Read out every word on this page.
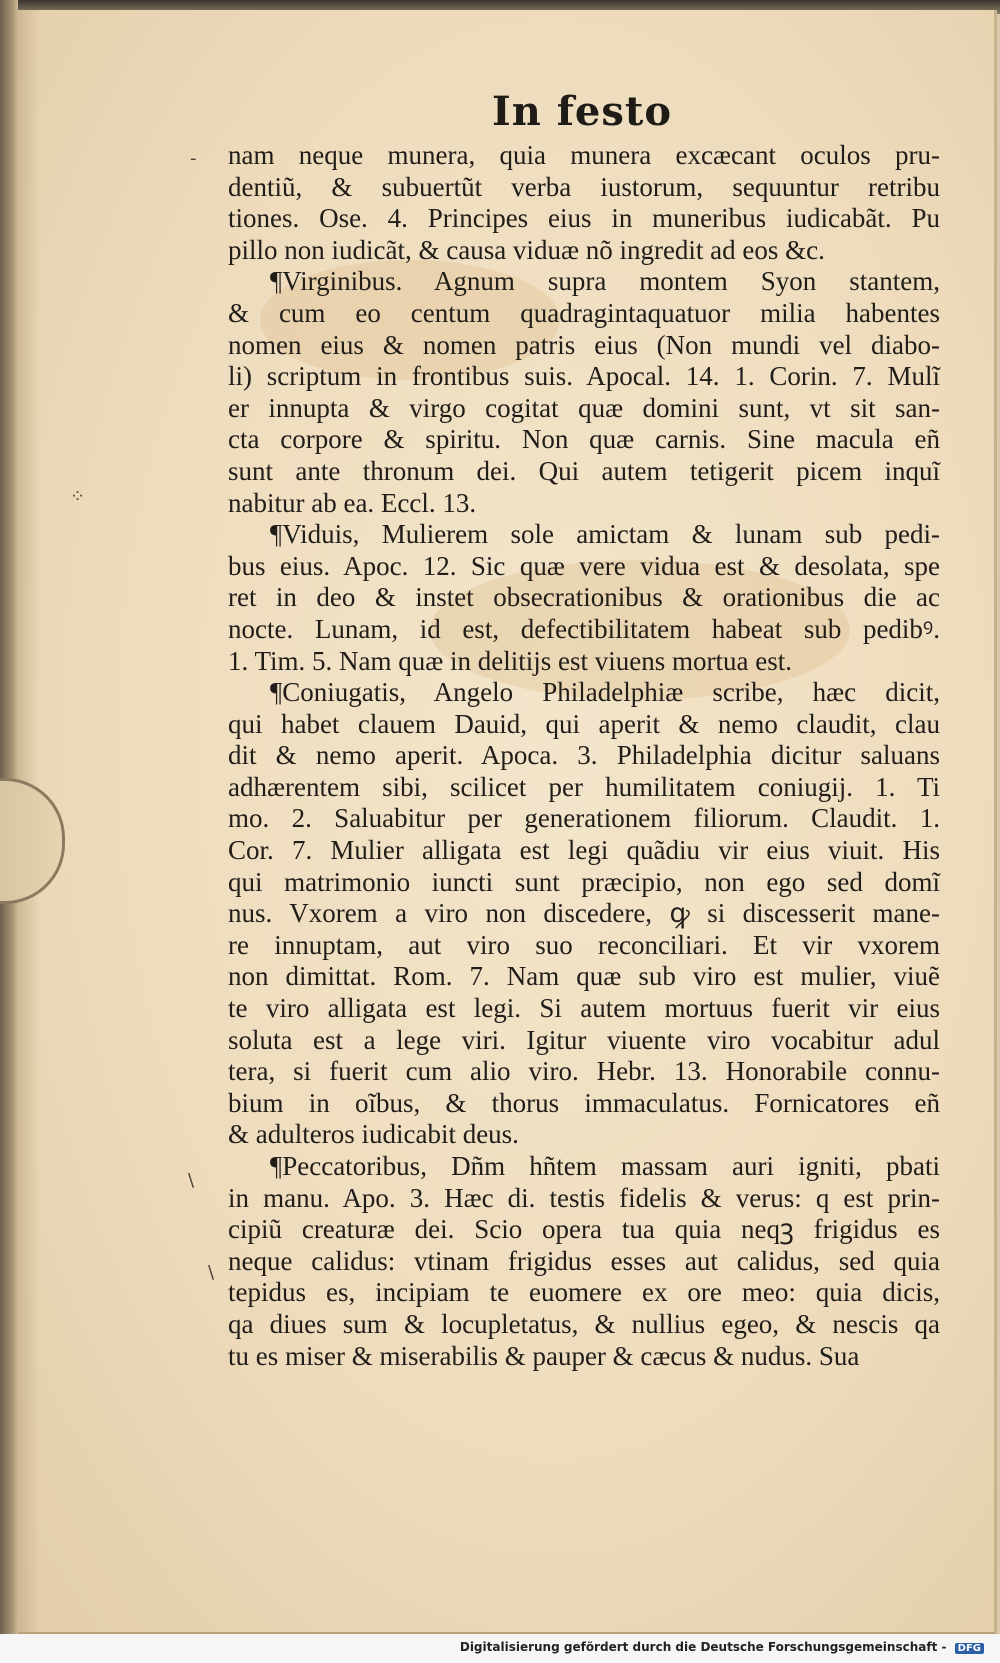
In festo
-
⁘
\
\
nam neque munera, quia munera excæcant oculos pru-
dentiũ, & subuertũt verba iustorum, sequuntur retribu
tiones. Ose. 4. Principes eius in muneribus iudicabãt. Pu
pillo non iudicãt, & causa viduæ nõ ingredit ad eos &c.
¶Virginibus. Agnum supra montem Syon stantem,
& cum eo centum quadragintaquatuor milia habentes
nomen eius & nomen patris eius (Non mundi vel diabo-
li) scriptum in frontibus suis. Apocal. 14. 1. Corin. 7. Mulĩ
er innupta & virgo cogitat quæ domini sunt, vt sit san-
cta corpore & spiritu. Non quæ carnis. Sine macula eñ
sunt ante thronum dei. Qui autem tetigerit picem inquĩ
nabitur ab ea. Eccl. 13.
¶Viduis, Mulierem sole amictam & lunam sub pedi-
bus eius. Apoc. 12. Sic quæ vere vidua est & desolata, spe
ret in deo & instet obsecrationibus & orationibus die ac
nocte. Lunam, id est, defectibilitatem habeat sub pedibꝰ.
1. Tim. 5. Nam quæ in delitijs est viuens mortua est.
¶Coniugatis, Angelo Philadelphiæ scribe, hæc dicit,
qui habet clauem Dauid, qui aperit & nemo claudit, clau
dit & nemo aperit. Apoca. 3. Philadelphia dicitur saluans
adhærentem sibi, scilicet per humilitatem coniugij. 1. Ti
mo. 2. Saluabitur per generationem filiorum. Claudit. 1.
Cor. 7. Mulier alligata est legi quãdiu vir eius viuit. His
qui matrimonio iuncti sunt præcipio, non ego sed domĩ
nus. Vxorem a viro non discedere, ꝙ si discesserit mane-
re innuptam, aut viro suo reconciliari. Et vir vxorem
non dimittat. Rom. 7. Nam quæ sub viro est mulier, viuẽ
te viro alligata est legi. Si autem mortuus fuerit vir eius
soluta est a lege viri. Igitur viuente viro vocabitur adul
tera, si fuerit cum alio viro. Hebr. 13. Honorabile connu-
bium in oĩbus, & thorus immaculatus. Fornicatores eñ
& adulteros iudicabit deus.
¶Peccatoribus, Dñm hñtem massam auri igniti, pbati
in manu. Apo. 3. Hæc di. testis fidelis & verus: q est prin-
cipiũ creaturæ dei. Scio opera tua quia neqꝫ frigidus es
neque calidus: vtinam frigidus esses aut calidus, sed quia
tepidus es, incipiam te euomere ex ore meo: quia dicis,
qa diues sum & locupletatus, & nullius egeo, & nescis qa
tu es miser & miserabilis & pauper & cæcus & nudus. Sua
Digitalisierung gefördert durch die Deutsche Forschungsgemeinschaft - DFG
